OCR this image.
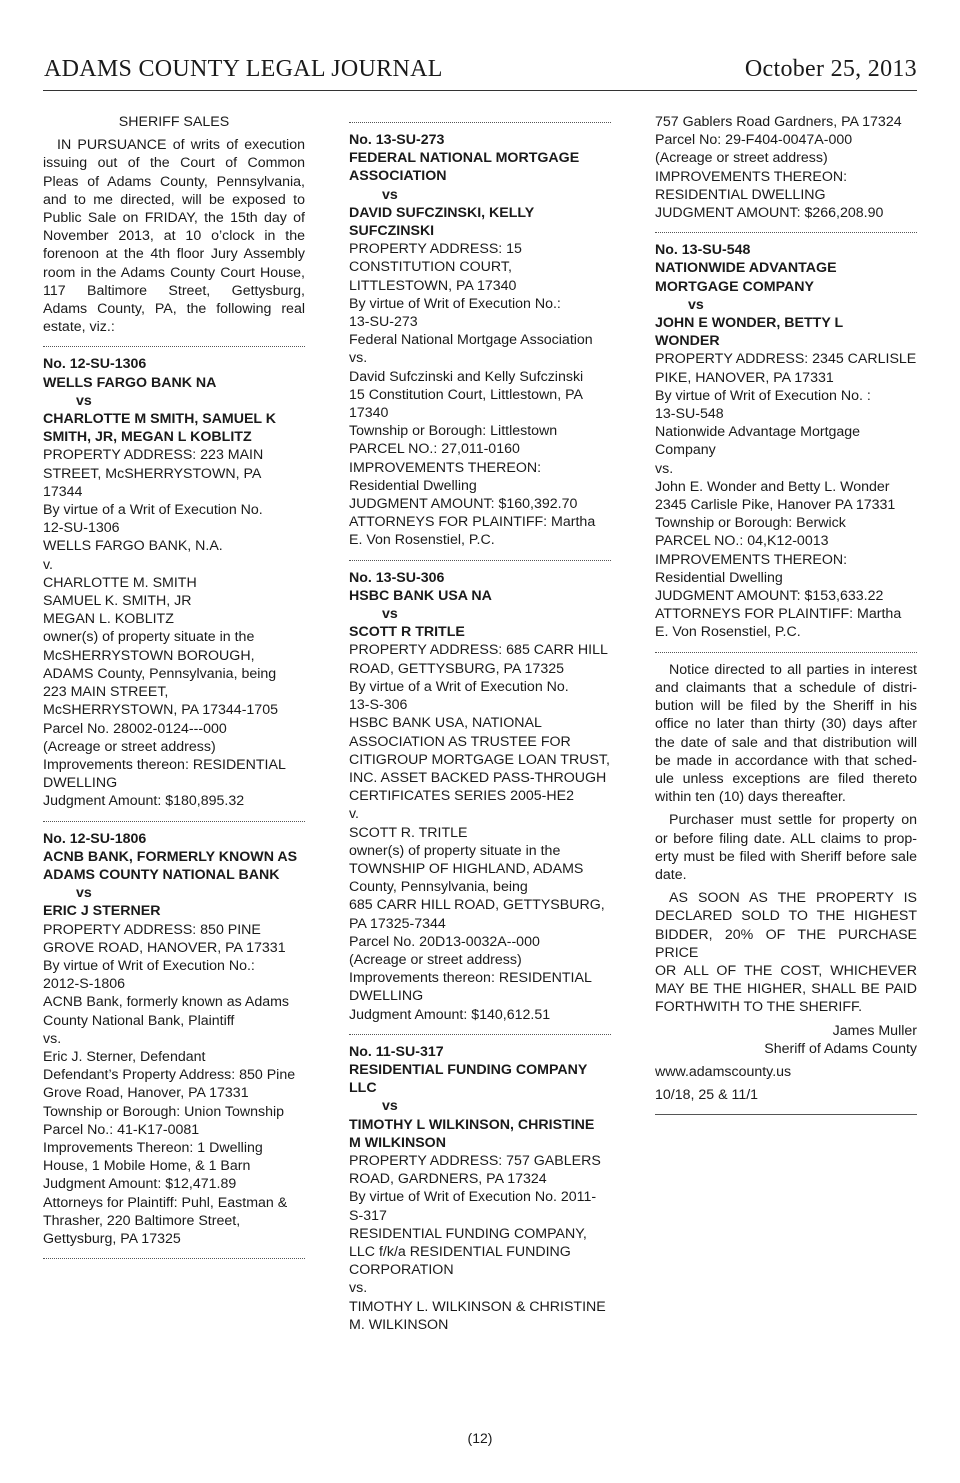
ADAMS COUNTY LEGAL JOURNAL	October 25, 2013
SHERIFF SALES
IN PURSUANCE of writs of execution
issuing out of the Court of Common
Pleas of Adams County, Pennsylvania,
and to me directed, will be exposed to
Public Sale on FRIDAY, the 15th day of
November 2013, at 10 o’clock in the
forenoon at the 4th floor Jury Assembly
room in the Adams County Court House,
117 Baltimore Street, Gettysburg,
Adams County, PA, the following real
estate, viz.:
No. 12-SU-1306
WELLS FARGO BANK NA
vs
CHARLOTTE M SMITH, SAMUEL K
SMITH, JR, MEGAN L KOBLITZ
PROPERTY ADDRESS: 223 MAIN
STREET, McSHERRYSTOWN, PA
17344
By virtue of a Writ of Execution No.
12-SU-1306
WELLS FARGO BANK, N.A.
v.
CHARLOTTE M. SMITH
SAMUEL K. SMITH, JR
MEGAN L. KOBLITZ
owner(s) of property situate in the
McSHERRYSTOWN BOROUGH,
ADAMS County, Pennsylvania, being
223 MAIN STREET,
McSHERRYSTOWN, PA 17344-1705
Parcel No. 28002-0124---000
(Acreage or street address)
Improvements thereon: RESIDENTIAL
DWELLING
Judgment Amount: $180,895.32
No. 12-SU-1806
ACNB BANK, FORMERLY KNOWN AS
ADAMS COUNTY NATIONAL BANK
vs
ERIC J STERNER
PROPERTY ADDRESS: 850 PINE
GROVE ROAD, HANOVER, PA 17331
By virtue of Writ of Execution No.:
2012-S-1806
ACNB Bank, formerly known as Adams
County National Bank, Plaintiff
vs.
Eric J. Sterner, Defendant
Defendant’s Property Address: 850 Pine
Grove Road, Hanover, PA 17331
Township or Borough: Union Township
Parcel No.: 41-K17-0081
Improvements Thereon: 1 Dwelling
House, 1 Mobile Home, & 1 Barn
Judgment Amount: $12,471.89
Attorneys for Plaintiff: Puhl, Eastman &
Thrasher, 220 Baltimore Street,
Gettysburg, PA 17325
No. 13-SU-273
FEDERAL NATIONAL MORTGAGE
ASSOCIATION
vs
DAVID SUFCZINSKI, KELLY
SUFCZINSKI
PROPERTY ADDRESS: 15
CONSTITUTION COURT,
LITTLESTOWN, PA 17340
By virtue of Writ of Execution No.:
13-SU-273
Federal National Mortgage Association
vs.
David Sufczinski and Kelly Sufczinski
15 Constitution Court, Littlestown, PA
17340
Township or Borough: Littlestown
PARCEL NO.: 27,011-0160
IMPROVEMENTS THEREON:
Residential Dwelling
JUDGMENT AMOUNT: $160,392.70
ATTORNEYS FOR PLAINTIFF: Martha
E. Von Rosenstiel, P.C.
No. 13-SU-306
HSBC BANK USA NA
vs
SCOTT R TRITLE
PROPERTY ADDRESS: 685 CARR HILL
ROAD, GETTYSBURG, PA 17325
By virtue of a Writ of Execution No.
13-S-306
HSBC BANK USA, NATIONAL
ASSOCIATION AS TRUSTEE FOR
CITIGROUP MORTGAGE LOAN TRUST,
INC. ASSET BACKED PASS-THROUGH
CERTIFICATES SERIES 2005-HE2
v.
SCOTT R. TRITLE
owner(s) of property situate in the
TOWNSHIP OF HIGHLAND, ADAMS
County, Pennsylvania, being
685 CARR HILL ROAD, GETTYSBURG,
PA 17325-7344
Parcel No. 20D13-0032A--000
(Acreage or street address)
Improvements thereon: RESIDENTIAL
DWELLING
Judgment Amount: $140,612.51
No. 11-SU-317
RESIDENTIAL FUNDING COMPANY
LLC
vs
TIMOTHY L WILKINSON, CHRISTINE
M WILKINSON
PROPERTY ADDRESS: 757 GABLERS
ROAD, GARDNERS, PA 17324
By virtue of Writ of Execution No. 2011-
S-317
RESIDENTIAL FUNDING COMPANY,
LLC f/k/a RESIDENTIAL FUNDING
CORPORATION
vs.
TIMOTHY L. WILKINSON & CHRISTINE
M. WILKINSON
757 Gablers Road Gardners, PA 17324
Parcel No: 29-F404-0047A-000
(Acreage or street address)
IMPROVEMENTS THEREON:
RESIDENTIAL DWELLING
JUDGMENT AMOUNT: $266,208.90
No. 13-SU-548
NATIONWIDE ADVANTAGE
MORTGAGE COMPANY
vs
JOHN E WONDER, BETTY L
WONDER
PROPERTY ADDRESS: 2345 CARLISLE
PIKE, HANOVER, PA 17331
By virtue of Writ of Execution No. :
13-SU-548
Nationwide Advantage Mortgage
Company
vs.
John E. Wonder and Betty L. Wonder
2345 Carlisle Pike, Hanover PA 17331
Township or Borough: Berwick
PARCEL NO.: 04,K12-0013
IMPROVEMENTS THEREON:
Residential Dwelling
JUDGMENT AMOUNT: $153,633.22
ATTORNEYS FOR PLAINTIFF: Martha
E. Von Rosenstiel, P.C.
Notice directed to all parties in interest
and claimants that a schedule of distri-
bution will be filed by the Sheriff in his
office no later than thirty (30) days after
the date of sale and that distribution will
be made in accordance with that sched-
ule unless exceptions are filed thereto
within ten (10) days thereafter.
Purchaser must settle for property on
or before filing date. ALL claims to prop-
erty must be filed with Sheriff before sale
date.
AS SOON AS THE PROPERTY IS
DECLARED SOLD TO THE HIGHEST
BIDDER, 20% OF THE PURCHASE PRICE
OR ALL OF THE COST, WHICHEVER
MAY BE THE HIGHER, SHALL BE PAID
FORTHWITH TO THE SHERIFF.
James Muller
Sheriff of Adams County
www.adamscounty.us
10/18, 25 & 11/1
(12)
